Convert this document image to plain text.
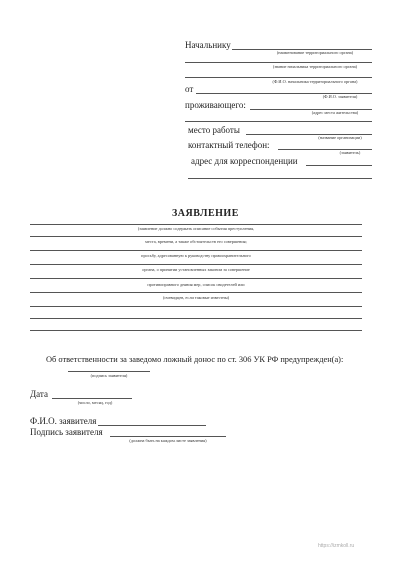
Начальнику
(наименование территориального органа)
(звание начальника территориального органа)
(Ф.И.О. начальника территориального органа)
от
(Ф.И.О. заявителя)
проживающего:
(адрес места жительства)
место работы
(название организации)
контактный телефон:
(заявитель)
адрес для корреспонденции
ЗАЯВЛЕНИЕ
(заявление должно содержать описание события преступления,
места, времени, а также обстоятельств его совершения;
просьбу, адресованную к руководству правоохранительного
органа, о принятии установленных законом за совершение
противоправного деяния мер, список свидетелей или
(очевидцев, если таковые известны)
Об ответственности за заведомо ложный донос по ст. 306 УК РФ предупрежден(а):
(подпись заявителя)
Дата
(число, месяц, год)
Ф.И.О. заявителя
Подпись заявителя
(должна быть на каждом листе заявления)
https://izmkoll.ru
